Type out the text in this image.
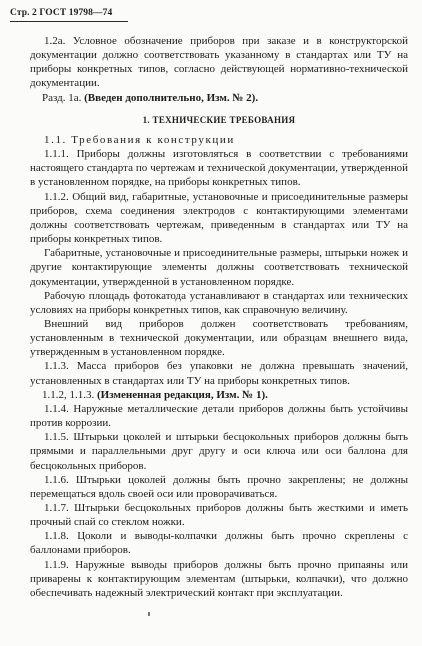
Стр. 2 ГОСТ 19798—74

1.2а. Условное обозначение приборов при заказе и в конструкторской документации должно соответствовать указанному в стандартах или ТУ на приборы конкретных типов, согласно действующей нормативно-технической документации.

Разд. 1а. (Введен дополнительно, Изм. № 2).

1. ТЕХНИЧЕСКИЕ ТРЕБОВАНИЯ

1.1. Требования к конструкции

1.1.1. Приборы должны изготовляться в соответствии с требованиями настоящего стандарта по чертежам и технической документации, утвержденной в установленном порядке, на приборы конкретных типов.

1.1.2. Общий вид, габаритные, установочные и присоединительные размеры приборов, схема соединения электродов с контактирующими элементами должны соответствовать чертежам, приведенным в стандартах или ТУ на приборы конкретных типов.

Габаритные, установочные и присоединительные размеры, штырьки ножек и другие контактирующие элементы должны соответствовать технической документации, утвержденной в установленном порядке.

Рабочую площадь фотокатода устанавливают в стандартах или технических условиях на приборы конкретных типов, как справочную величину.

Внешний вид приборов должен соответствовать требованиям, установленным в технической документации, или образцам внешнего вида, утвержденным в установленном порядке.

1.1.3. Масса приборов без упаковки не должна превышать значений, установленных в стандартах или ТУ на приборы конкретных типов.

1.1.2, 1.1.3. (Измененная редакция, Изм. № 1).

1.1.4. Наружные металлические детали приборов должны быть устойчивы против коррозии.

1.1.5. Штырьки цоколей и штырьки бесцокольных приборов должны быть прямыми и параллельными друг другу и оси ключа или оси баллона для бесцокольных приборов.

1.1.6. Штырьки цоколей должны быть прочно закреплены; не должны перемещаться вдоль своей оси или проворачиваться.

1.1.7. Штырьки бесцокольных приборов должны быть жесткими и иметь прочный спай со стеклом ножки.

1.1.8. Цоколи и выводы-колпачки должны быть прочно скреплены с баллонами приборов.

1.1.9. Наружные выводы приборов должны быть прочно припаяны или приварены к контактирующим элементам (штырьки, колпачки), что должно обеспечивать надежный электрический контакт при эксплуатации.
